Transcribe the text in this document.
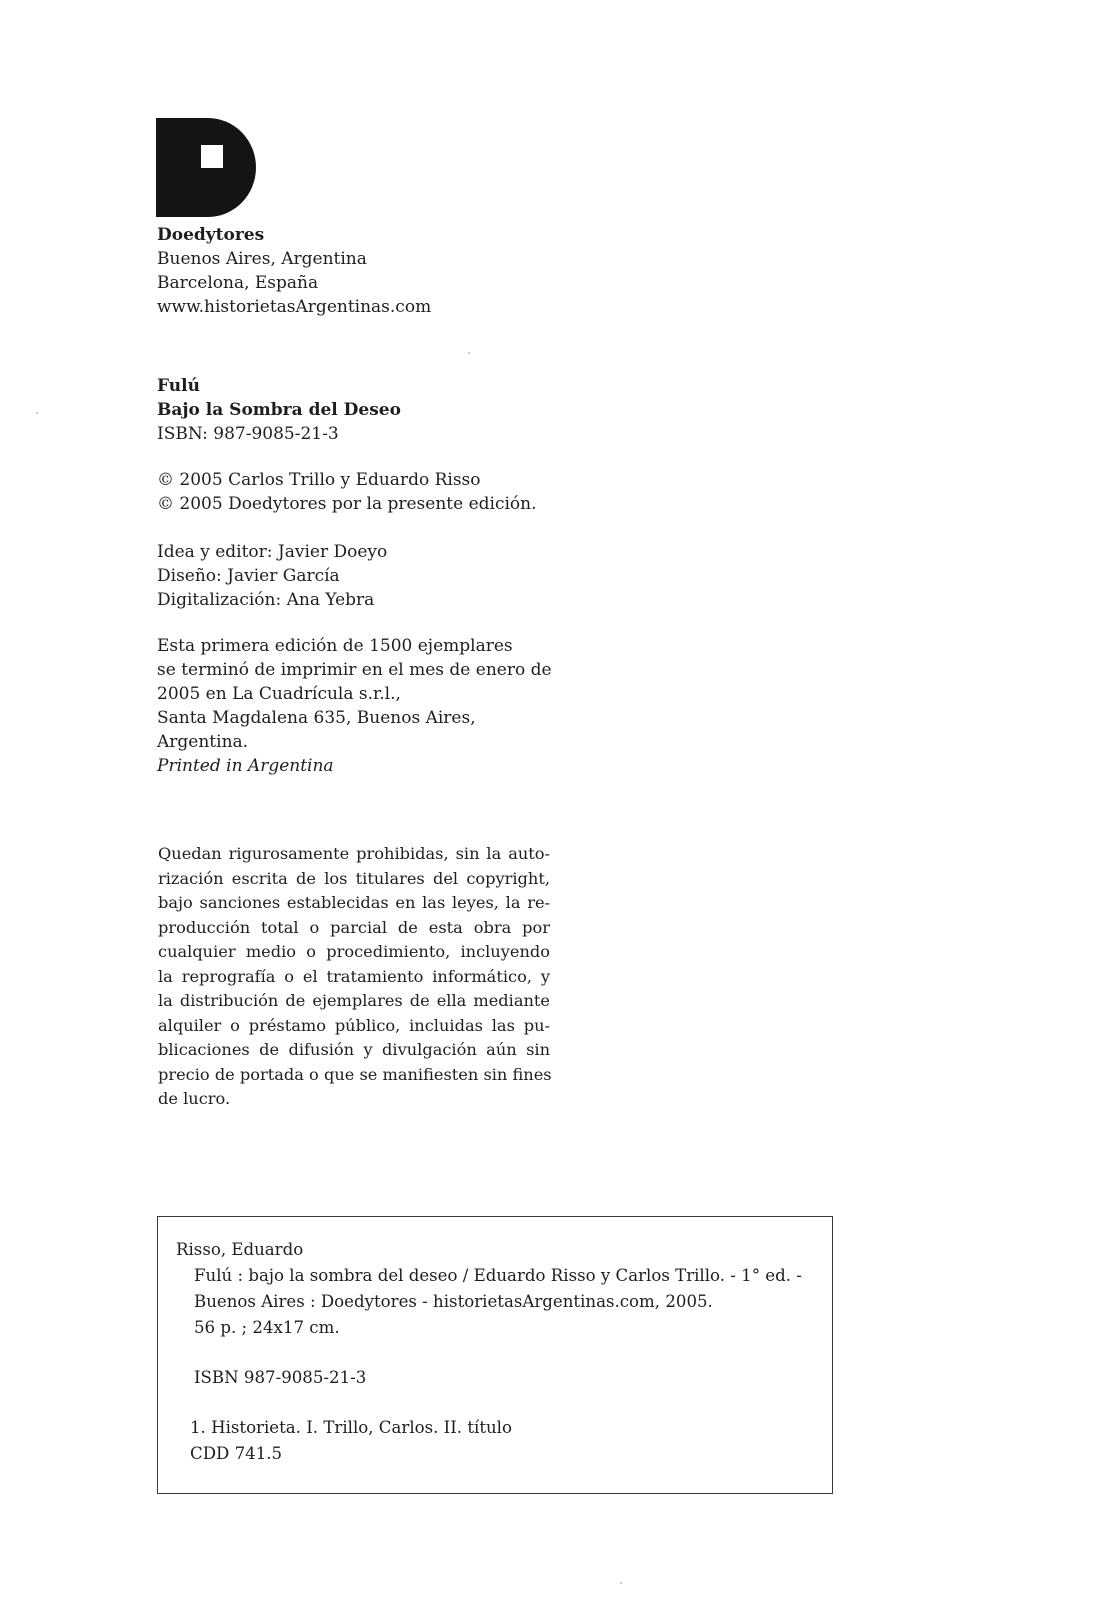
Doedytores
Buenos Aires, Argentina
Barcelona, España
www.historietasArgentinas.com
Fulú
Bajo la Sombra del Deseo
ISBN: 987-9085-21-3
© 2005 Carlos Trillo y Eduardo Risso
© 2005 Doedytores por la presente edición.
Idea y editor: Javier Doeyo
Diseño: Javier García
Digitalización: Ana Yebra
Esta primera edición de 1500 ejemplares
se terminó de imprimir en el mes de enero de
2005 en La Cuadrícula s.r.l.,
Santa Magdalena 635, Buenos Aires,
Argentina.
Printed in Argentina
Quedan rigurosamente prohibidas, sin la auto-
rización escrita de los titulares del copyright,
bajo sanciones establecidas en las leyes, la re-
producción total o parcial de esta obra por
cualquier medio o procedimiento, incluyendo
la reprografía o el tratamiento informático, y
la distribución de ejemplares de ella mediante
alquiler o préstamo público, incluidas las pu-
blicaciones de difusión y divulgación aún sin
precio de portada o que se manifiesten sin fines
de lucro.
Risso, Eduardo
Fulú : bajo la sombra del deseo / Eduardo Risso y Carlos Trillo. - 1° ed. -
Buenos Aires : Doedytores - historietasArgentinas.com, 2005.
56 p. ; 24x17 cm.
ISBN 987-9085-21-3
1. Historieta. I. Trillo, Carlos. II. título
CDD 741.5
